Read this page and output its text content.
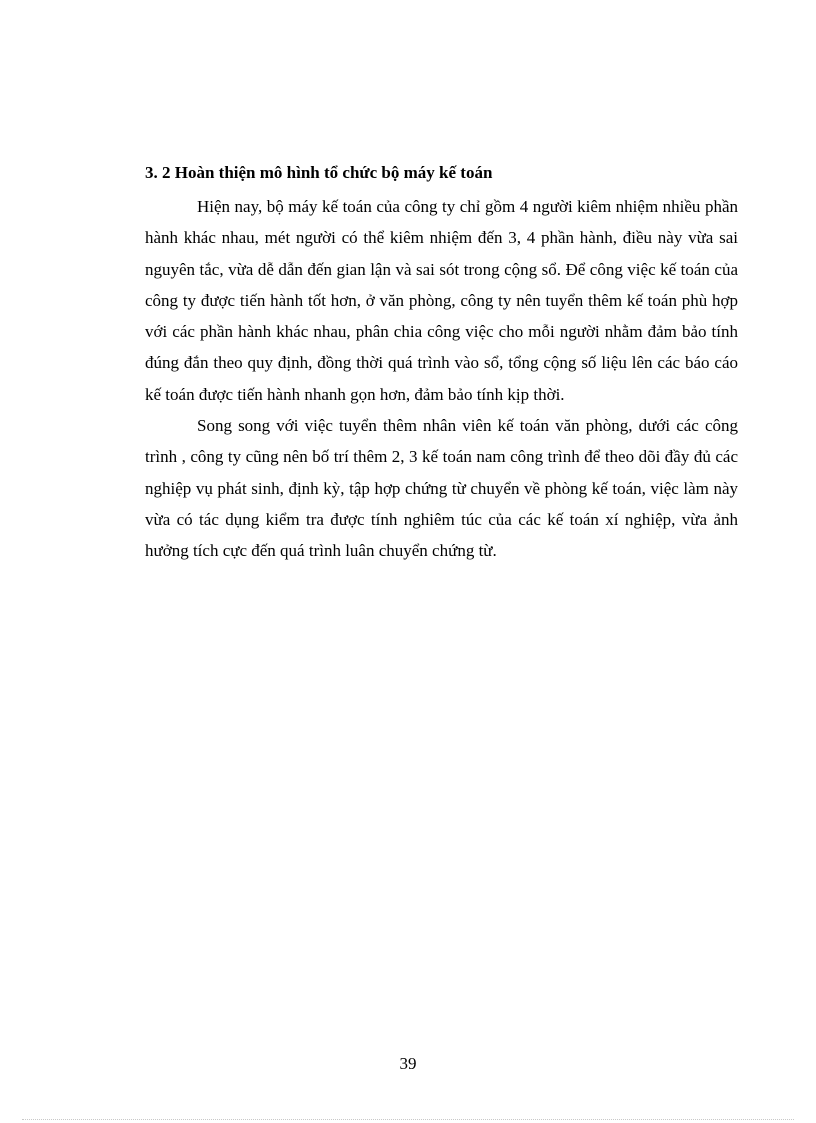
3. 2 Hoàn thiện mô hình tổ chức bộ máy kế toán

Hiện nay, bộ máy kế toán của công ty chỉ gồm 4 người kiêm nhiệm nhiều phần hành khác nhau, mét người có thể kiêm nhiệm đến 3, 4 phần hành, điều này vừa sai nguyên tắc, vừa dễ dẫn đến gian lận và sai sót trong cộng sổ. Để công việc kế toán của công ty được tiến hành tốt hơn, ở văn phòng, công ty nên tuyển thêm kế toán phù hợp với các phần hành khác nhau, phân chia công việc cho mỗi người nhằm đảm bảo tính đúng đắn theo quy định, đồng thời quá trình vào sổ, tổng cộng số liệu lên các báo cáo kế toán được tiến hành nhanh gọn hơn, đảm bảo tính kịp thời.

Song song với việc tuyển thêm nhân viên kế toán văn phòng, dưới các công trình , công ty cũng nên bố trí thêm 2, 3 kế toán nam công trình để theo dõi đầy đủ các nghiệp vụ phát sinh, định kỳ, tập hợp chứng từ chuyển về phòng kế toán, việc làm này vừa có tác dụng kiểm tra được tính nghiêm túc của các kế toán xí nghiệp, vừa ảnh hưởng tích cực đến quá trình luân chuyển chứng từ.

39
